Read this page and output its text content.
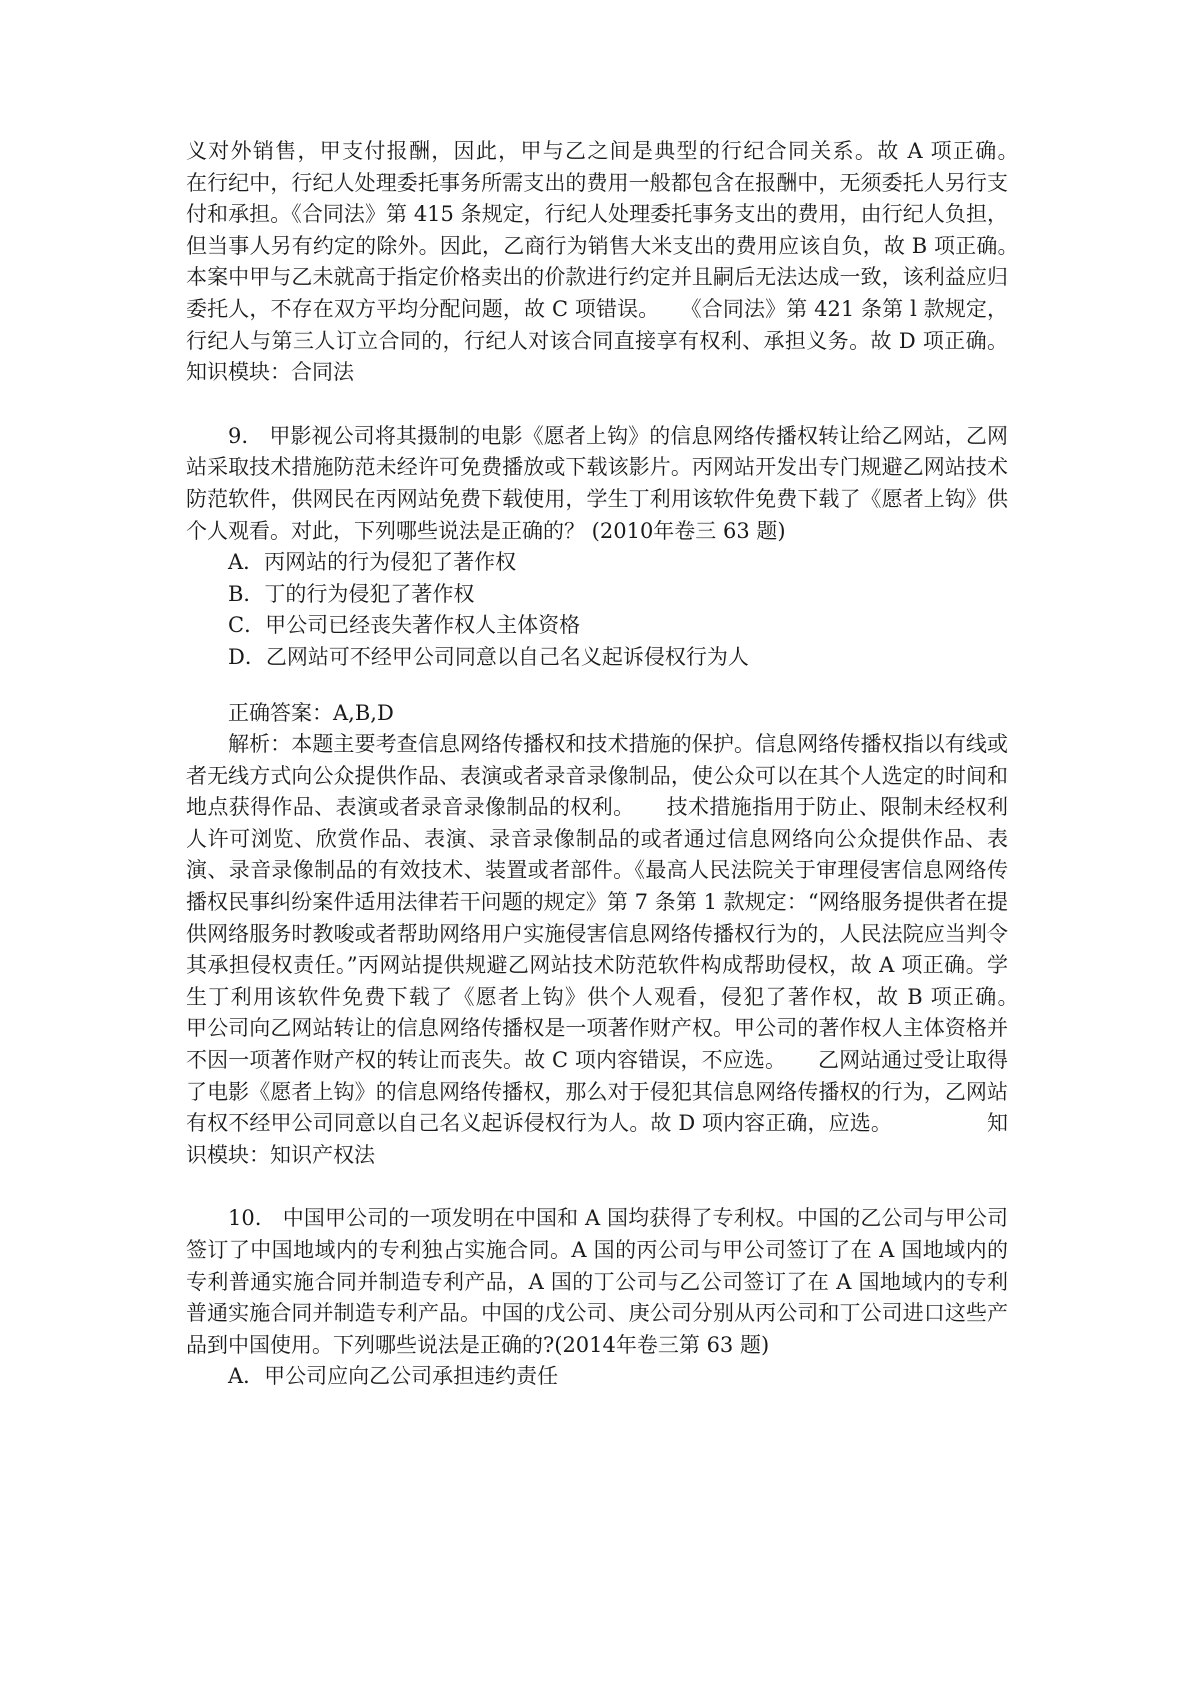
义对外销售，甲支付报酬，因此，甲与乙之间是典型的行纪合同关系。故 A 项正确。　　在行纪中，行纪人处理委托事务所需支出的费用一般都包含在报酬中，无须委托人另行支付和承担。《合同法》第 415 条规定，行纪人处理委托事务支出的费用，由行纪人负担，但当事人另有约定的除外。因此，乙商行为销售大米支出的费用应该自负，故 B 项正确。　　本案中甲与乙未就高于指定价格卖出的价款进行约定并且嗣后无法达成一致，该利益应归委托人，不存在双方平均分配问题，故 C 项错误。　　《合同法》第 421 条第 l 款规定，行纪人与第三人订立合同的，行纪人对该合同直接享有权利、承担义务。故 D 项正确。知识模块：合同法

9． 甲影视公司将其摄制的电影《愿者上钩》的信息网络传播权转让给乙网站，乙网站采取技术措施防范未经许可免费播放或下载该影片。丙网站开发出专门规避乙网站技术防范软件，供网民在丙网站免费下载使用，学生丁利用该软件免费下载了《愿者上钩》供个人观看。对此，下列哪些说法是正确的？ (2010年卷三 63 题)

A．丙网站的行为侵犯了著作权

B．丁的行为侵犯了著作权

C．甲公司已经丧失著作权人主体资格

D．乙网站可不经甲公司同意以自己名义起诉侵权行为人

正确答案：A,B,D

解析：本题主要考查信息网络传播权和技术措施的保护。信息网络传播权指以有线或者无线方式向公众提供作品、表演或者录音录像制品，使公众可以在其个人选定的时间和地点获得作品、表演或者录音录像制品的权利。　　技术措施指用于防止、限制未经权利人许可浏览、欣赏作品、表演、录音录像制品的或者通过信息网络向公众提供作品、表演、录音录像制品的有效技术、装置或者部件。《最高人民法院关于审理侵害信息网络传播权民事纠纷案件适用法律若干问题的规定》第 7 条第 1 款规定：“网络服务提供者在提供网络服务时教唆或者帮助网络用户实施侵害信息网络传播权行为的，人民法院应当判令其承担侵权责任。”丙网站提供规避乙网站技术防范软件构成帮助侵权，故 A 项正确。学生丁利用该软件免费下载了《愿者上钩》供个人观看，侵犯了著作权，故 B 项正确。　　甲公司向乙网站转让的信息网络传播权是一项著作财产权。甲公司的著作权人主体资格并不因一项著作财产权的转让而丧失。故 C 项内容错误，不应选。　　乙网站通过受让取得了电影《愿者上钩》的信息网络传播权，那么对于侵犯其信息网络传播权的行为，乙网站有权不经甲公司同意以自己名义起诉侵权行为人。故 D 项内容正确，应选。　　　　　知识模块：知识产权法

10． 中国甲公司的一项发明在中国和 A 国均获得了专利权。中国的乙公司与甲公司签订了中国地域内的专利独占实施合同。A 国的丙公司与甲公司签订了在 A 国地域内的专利普通实施合同并制造专利产品，A 国的丁公司与乙公司签订了在 A 国地域内的专利普通实施合同并制造专利产品。中国的戊公司、庚公司分别从丙公司和丁公司进口这些产品到中国使用。下列哪些说法是正确的?(2014年卷三第 63 题)

A．甲公司应向乙公司承担违约责任
